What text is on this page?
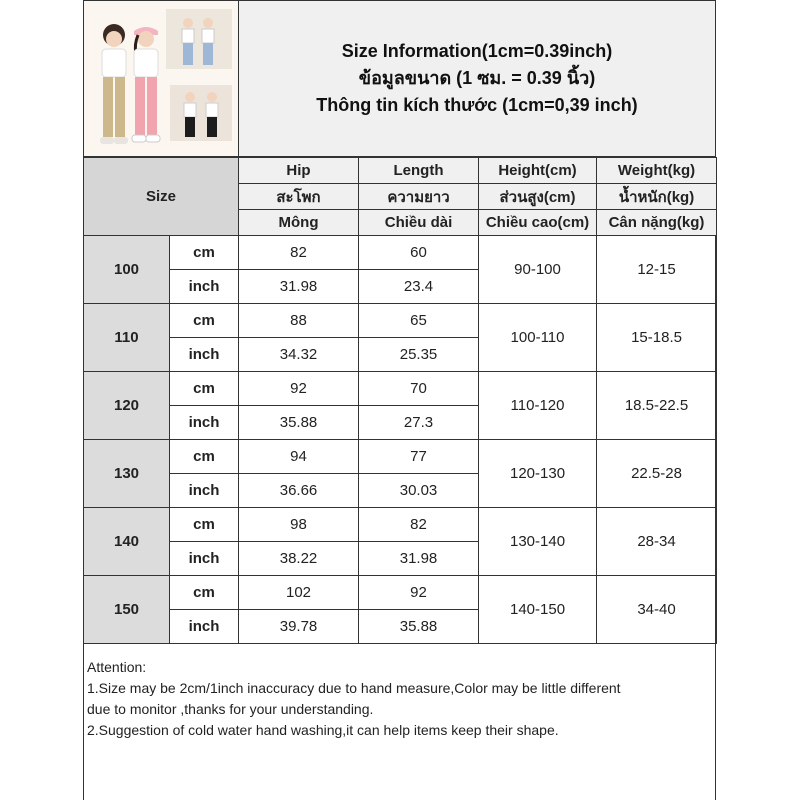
Size Information(1cm=0.39inch)
ข้อมูลขนาด (1 ซม. = 0.39 นิ้ว)
Thông tin kích thước (1cm=0,39 inch)
Size		Hip	Length	Height(cm)	Weight(kg)
		สะโพก	ความยาว	ส่วนสูง(cm)	น้ำหนัก(kg)
		Mông	Chiều dài	Chiều cao(cm)	Cân nặng(kg)
100	cm	82	60	90-100	12-15
	inch	31.98	23.4		
110	cm	88	65	100-110	15-18.5
	inch	34.32	25.35		
120	cm	92	70	110-120	18.5-22.5
	inch	35.88	27.3		
130	cm	94	77	120-130	22.5-28
	inch	36.66	30.03		
140	cm	98	82	130-140	28-34
	inch	38.22	31.98		
150	cm	102	92	140-150	34-40
	inch	39.78	35.88		
Attention:
1.Size may be 2cm/1inch inaccuracy due to hand measure,Color may be little different
due to monitor ,thanks for your understanding.
2.Suggestion of cold water hand washing,it can help items keep their shape.
